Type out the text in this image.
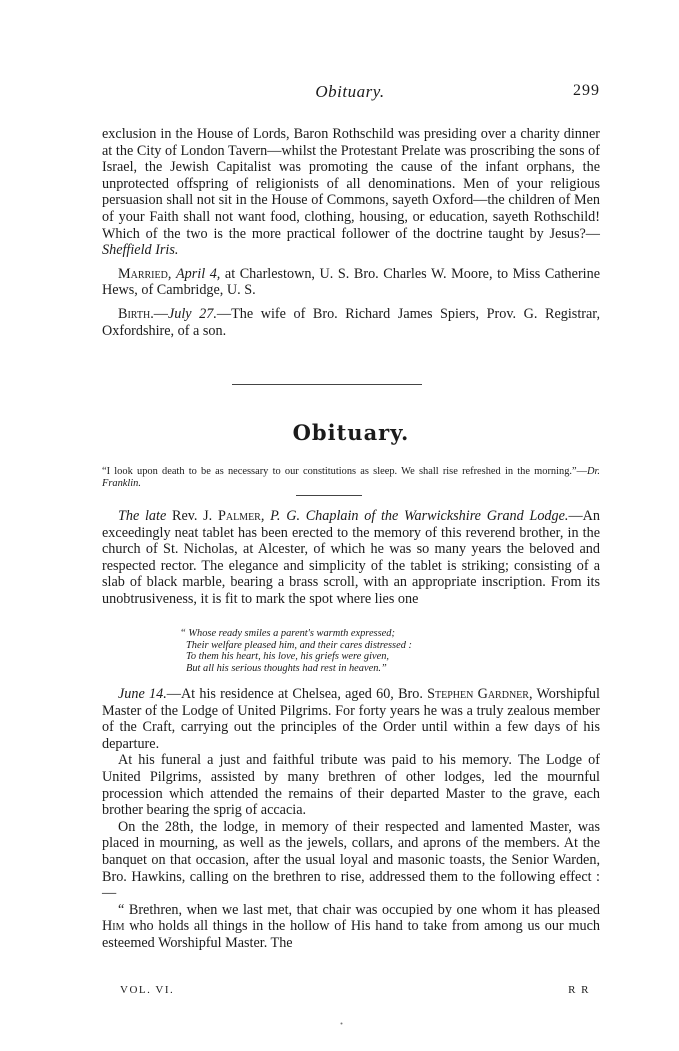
Obituary.	299

exclusion in the House of Lords, Baron Rothschild was presiding over a charity dinner at the City of London Tavern—whilst the Protestant Prelate was proscribing the sons of Israel, the Jewish Capitalist was promoting the cause of the infant orphans, the unprotected offspring of religionists of all denominations. Men of your religious persuasion shall not sit in the House of Commons, sayeth Oxford—the children of Men of your Faith shall not want food, clothing, housing, or education, sayeth Rothschild! Which of the two is the more practical follower of the doctrine taught by Jesus?—Sheffield Iris.

Married, April 4, at Charlestown, U. S. Bro. Charles W. Moore, to Miss Catherine Hews, of Cambridge, U. S.

Birth.—July 27.—The wife of Bro. Richard James Spiers, Prov. G. Registrar, Oxfordshire, of a son.

Obituary.
“I look upon death to be as necessary to our constitutions as sleep. We shall rise refreshed in the morning.”—Dr. Franklin.

The late Rev. J. Palmer, P. G. Chaplain of the Warwickshire Grand Lodge.—An exceedingly neat tablet has been erected to the memory of this reverend brother, in the church of St. Nicholas, at Alcester, of which he was so many years the beloved and respected rector. The elegance and simplicity of the tablet is striking; consisting of a slab of black marble, bearing a brass scroll, with an appropriate inscription. From its unobtrusiveness, it is fit to mark the spot where lies one

“ Whose ready smiles a parent's warmth expressed;
Their welfare pleased him, and their cares distressed :
To them his heart, his love, his griefs were given,
But all his serious thoughts had rest in heaven.”

June 14.—At his residence at Chelsea, aged 60, Bro. Stephen Gardner, Worshipful Master of the Lodge of United Pilgrims. For forty years he was a truly zealous member of the Craft, carrying out the principles of the Order until within a few days of his departure.

At his funeral a just and faithful tribute was paid to his memory. The Lodge of United Pilgrims, assisted by many brethren of other lodges, led the mournful procession which attended the remains of their departed Master to the grave, each brother bearing the sprig of accacia.

On the 28th, the lodge, in memory of their respected and lamented Master, was placed in mourning, as well as the jewels, collars, and aprons of the members. At the banquet on that occasion, after the usual loyal and masonic toasts, the Senior Warden, Bro. Hawkins, calling on the brethren to rise, addressed them to the following effect :—

“ Brethren, when we last met, that chair was occupied by one whom it has pleased Him who holds all things in the hollow of His hand to take from among us our much esteemed Worshipful Master. The

VOL. VI.	R R
